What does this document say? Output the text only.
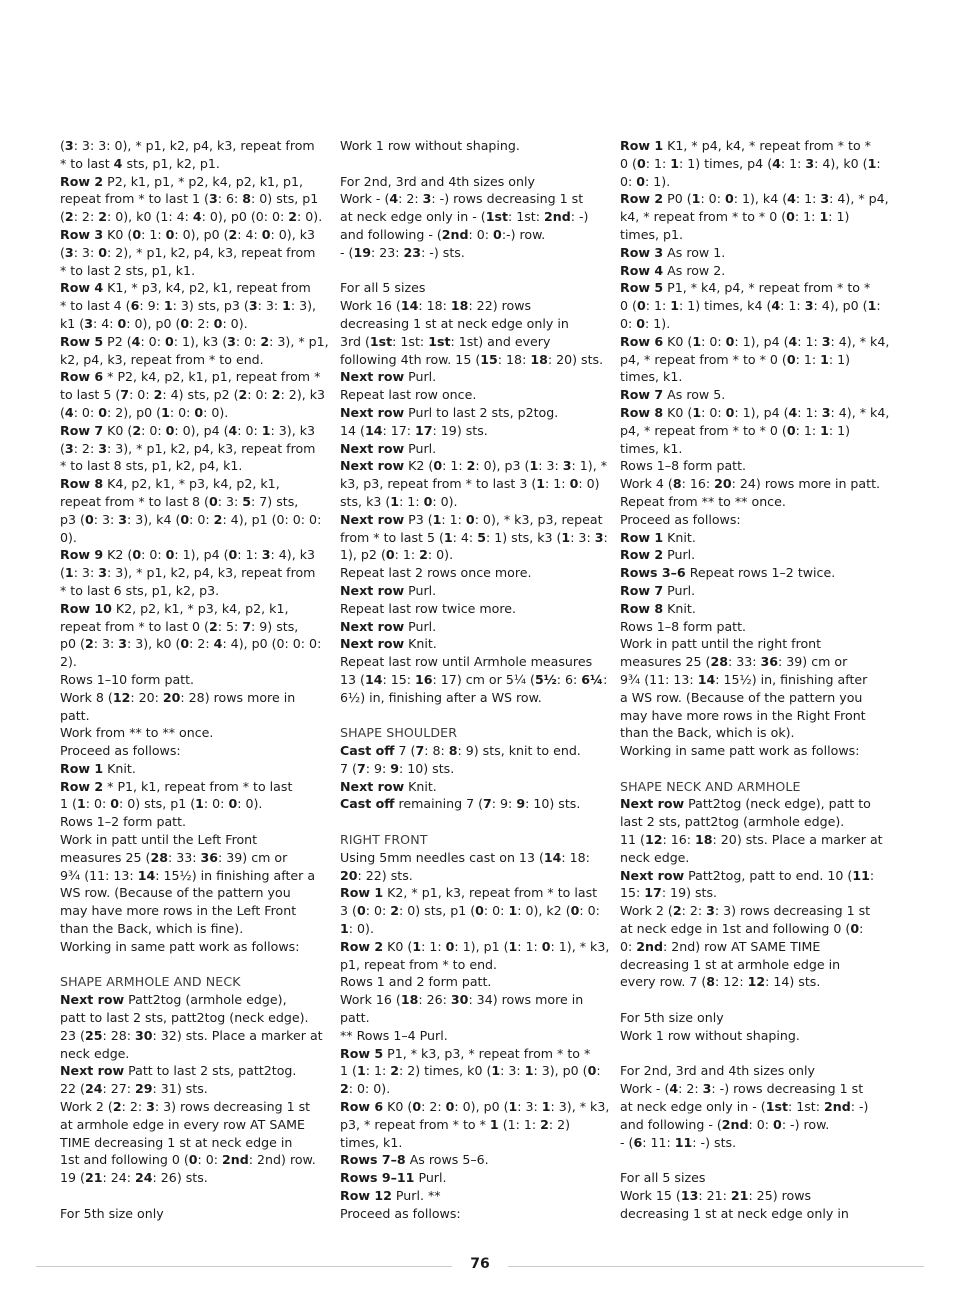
(3: 3: 3: 0), * p1, k2, p4, k3, repeat from
* to last 4 sts, p1, k2, p1.
Row 2 P2, k1, p1, * p2, k4, p2, k1, p1,
repeat from * to last 1 (3: 6: 8: 0) sts, p1
(2: 2: 2: 0), k0 (1: 4: 4: 0), p0 (0: 0: 2: 0).
Row 3 K0 (0: 1: 0: 0), p0 (2: 4: 0: 0), k3
(3: 3: 0: 2), * p1, k2, p4, k3, repeat from
* to last 2 sts, p1, k1.
Row 4 K1, * p3, k4, p2, k1, repeat from
* to last 4 (6: 9: 1: 3) sts, p3 (3: 3: 1: 3),
k1 (3: 4: 0: 0), p0 (0: 2: 0: 0).
Row 5 P2 (4: 0: 0: 1), k3 (3: 0: 2: 3), * p1,
k2, p4, k3, repeat from * to end.
Row 6 * P2, k4, p2, k1, p1, repeat from *
to last 5 (7: 0: 2: 4) sts, p2 (2: 0: 2: 2), k3
(4: 0: 0: 2), p0 (1: 0: 0: 0).
Row 7 K0 (2: 0: 0: 0), p4 (4: 0: 1: 3), k3
(3: 2: 3: 3), * p1, k2, p4, k3, repeat from
* to last 8 sts, p1, k2, p4, k1.
Row 8 K4, p2, k1, * p3, k4, p2, k1,
repeat from * to last 8 (0: 3: 5: 7) sts,
p3 (0: 3: 3: 3), k4 (0: 0: 2: 4), p1 (0: 0: 0:
0).
Row 9 K2 (0: 0: 0: 1), p4 (0: 1: 3: 4), k3
(1: 3: 3: 3), * p1, k2, p4, k3, repeat from
* to last 6 sts, p1, k2, p3.
Row 10 K2, p2, k1, * p3, k4, p2, k1,
repeat from * to last 0 (2: 5: 7: 9) sts,
p0 (2: 3: 3: 3), k0 (0: 2: 4: 4), p0 (0: 0: 0:
2).
Rows 1–10 form patt.
Work 8 (12: 20: 20: 28) rows more in
patt.
Work from ** to ** once.
Proceed as follows:
Row 1 Knit.
Row 2 * P1, k1, repeat from * to last
1 (1: 0: 0: 0) sts, p1 (1: 0: 0: 0).
Rows 1–2 form patt.
Work in patt until the Left Front
measures 25 (28: 33: 36: 39) cm or
9¾ (11: 13: 14: 15½) in finishing after a
WS row. (Because of the pattern you
may have more rows in the Left Front
than the Back, which is fine).
Working in same patt work as follows:
SHAPE ARMHOLE AND NECK
Next row Patt2tog (armhole edge),
patt to last 2 sts, patt2tog (neck edge).
23 (25: 28: 30: 32) sts. Place a marker at
neck edge.
Next row Patt to last 2 sts, patt2tog.
22 (24: 27: 29: 31) sts.
Work 2 (2: 2: 3: 3) rows decreasing 1 st
at armhole edge in every row AT SAME
TIME decreasing 1 st at neck edge in
1st and following 0 (0: 0: 2nd: 2nd) row.
19 (21: 24: 24: 26) sts.
For 5th size only
Work 1 row without shaping.
For 2nd, 3rd and 4th sizes only
Work - (4: 2: 3: -) rows decreasing 1 st
at neck edge only in - (1st: 1st: 2nd: -)
and following - (2nd: 0: 0:-) row.
- (19: 23: 23: -) sts.
For all 5 sizes
Work 16 (14: 18: 18: 22) rows
decreasing 1 st at neck edge only in
3rd (1st: 1st: 1st: 1st) and every
following 4th row. 15 (15: 18: 18: 20) sts.
Next row Purl.
Repeat last row once.
Next row Purl to last 2 sts, p2tog.
14 (14: 17: 17: 19) sts.
Next row Purl.
Next row K2 (0: 1: 2: 0), p3 (1: 3: 3: 1), *
k3, p3, repeat from * to last 3 (1: 1: 0: 0)
sts, k3 (1: 1: 0: 0).
Next row P3 (1: 1: 0: 0), * k3, p3, repeat
from * to last 5 (1: 4: 5: 1) sts, k3 (1: 3: 3:
1), p2 (0: 1: 2: 0).
Repeat last 2 rows once more.
Next row Purl.
Repeat last row twice more.
Next row Purl.
Next row Knit.
Repeat last row until Armhole measures
13 (14: 15: 16: 17) cm or 5¼ (5½: 6: 6¼:
6½) in, finishing after a WS row.
SHAPE SHOULDER
Cast off 7 (7: 8: 8: 9) sts, knit to end.
7 (7: 9: 9: 10) sts.
Next row Knit.
Cast off remaining 7 (7: 9: 9: 10) sts.
RIGHT FRONT
Using 5mm needles cast on 13 (14: 18:
20: 22) sts.
Row 1 K2, * p1, k3, repeat from * to last
3 (0: 0: 2: 0) sts, p1 (0: 0: 1: 0), k2 (0: 0:
1: 0).
Row 2 K0 (1: 1: 0: 1), p1 (1: 1: 0: 1), * k3,
p1, repeat from * to end.
Rows 1 and 2 form patt.
Work 16 (18: 26: 30: 34) rows more in
patt.
** Rows 1–4 Purl.
Row 5 P1, * k3, p3, * repeat from * to *
1 (1: 1: 2: 2) times, k0 (1: 3: 1: 3), p0 (0:
2: 0: 0).
Row 6 K0 (0: 2: 0: 0), p0 (1: 3: 1: 3), * k3,
p3, * repeat from * to * 1 (1: 1: 2: 2)
times, k1.
Rows 7–8 As rows 5–6.
Rows 9–11 Purl.
Row 12 Purl. **
Proceed as follows:
Row 1 K1, * p4, k4, * repeat from * to *
0 (0: 1: 1: 1) times, p4 (4: 1: 3: 4), k0 (1:
0: 0: 1).
Row 2 P0 (1: 0: 0: 1), k4 (4: 1: 3: 4), * p4,
k4, * repeat from * to * 0 (0: 1: 1: 1)
times, p1.
Row 3 As row 1.
Row 4 As row 2.
Row 5 P1, * k4, p4, * repeat from * to *
0 (0: 1: 1: 1) times, k4 (4: 1: 3: 4), p0 (1:
0: 0: 1).
Row 6 K0 (1: 0: 0: 1), p4 (4: 1: 3: 4), * k4,
p4, * repeat from * to * 0 (0: 1: 1: 1)
times, k1.
Row 7 As row 5.
Row 8 K0 (1: 0: 0: 1), p4 (4: 1: 3: 4), * k4,
p4, * repeat from * to * 0 (0: 1: 1: 1)
times, k1.
Rows 1–8 form patt.
Work 4 (8: 16: 20: 24) rows more in patt.
Repeat from ** to ** once.
Proceed as follows:
Row 1 Knit.
Row 2 Purl.
Rows 3–6 Repeat rows 1–2 twice.
Row 7 Purl.
Row 8 Knit.
Rows 1–8 form patt.
Work in patt until the right front
measures 25 (28: 33: 36: 39) cm or
9¾ (11: 13: 14: 15½) in, finishing after
a WS row. (Because of the pattern you
may have more rows in the Right Front
than the Back, which is ok).
Working in same patt work as follows:
SHAPE NECK AND ARMHOLE
Next row Patt2tog (neck edge), patt to
last 2 sts, patt2tog (armhole edge).
11 (12: 16: 18: 20) sts. Place a marker at
neck edge.
Next row Patt2tog, patt to end. 10 (11:
15: 17: 19) sts.
Work 2 (2: 2: 3: 3) rows decreasing 1 st
at neck edge in 1st and following 0 (0:
0: 2nd: 2nd) row AT SAME TIME
decreasing 1 st at armhole edge in
every row. 7 (8: 12: 12: 14) sts.
For 5th size only
Work 1 row without shaping.
For 2nd, 3rd and 4th sizes only
Work - (4: 2: 3: -) rows decreasing 1 st
at neck edge only in - (1st: 1st: 2nd: -)
and following - (2nd: 0: 0: -) row.
- (6: 11: 11: -) sts.
For all 5 sizes
Work 15 (13: 21: 21: 25) rows
decreasing 1 st at neck edge only in
76
